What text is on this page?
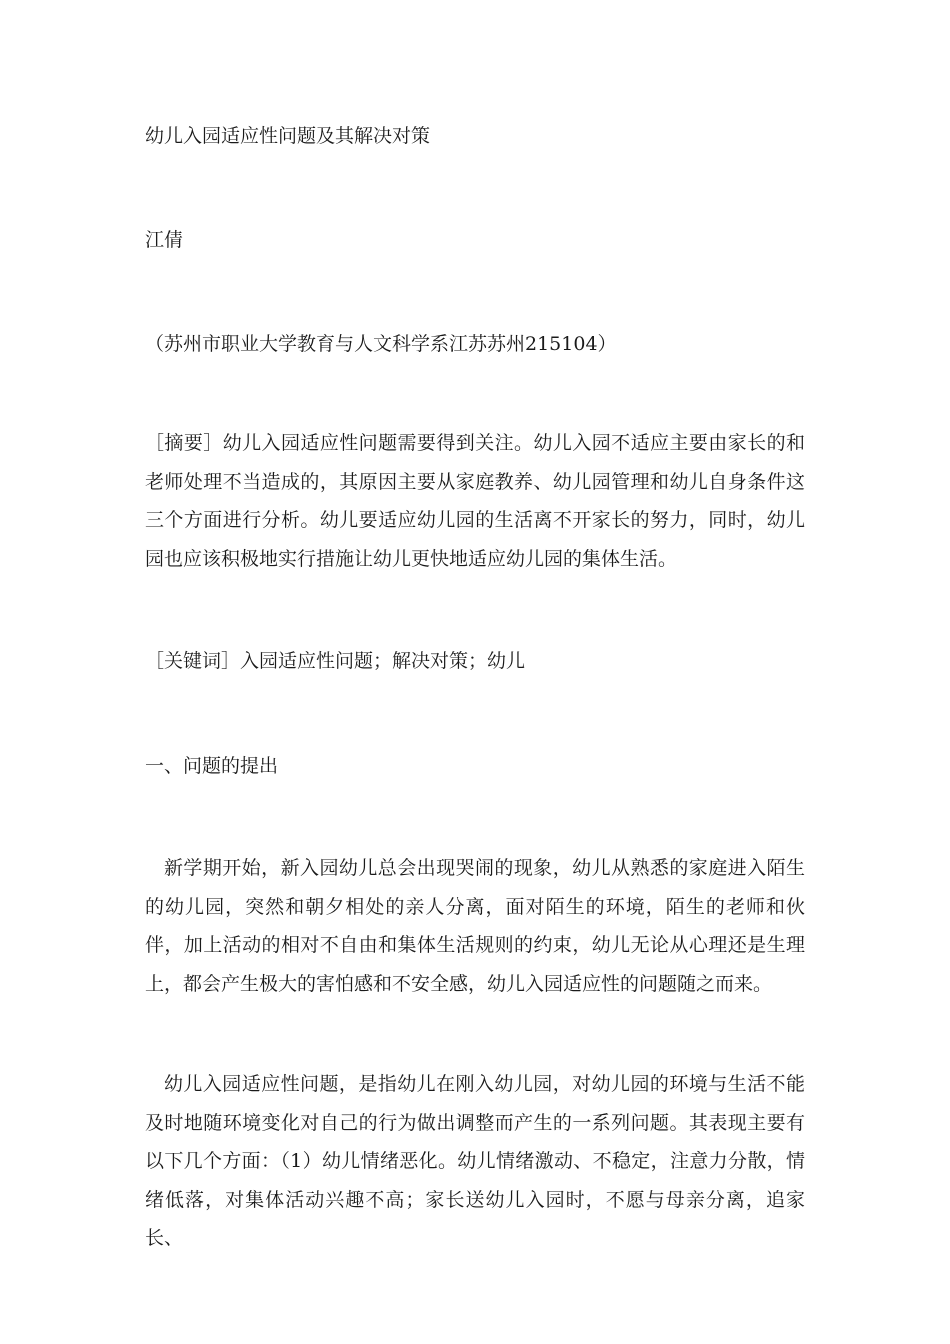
幼儿入园适应性问题及其解决对策
江倩
（苏州市职业大学教育与人文科学系江苏苏州215104）
［摘要］幼儿入园适应性问题需要得到关注。幼儿入园不适应主要由家长的和老师处理不当造成的，其原因主要从家庭教养、幼儿园管理和幼儿自身条件这三个方面进行分析。幼儿要适应幼儿园的生活离不开家长的努力，同时，幼儿园也应该积极地实行措施让幼儿更快地适应幼儿园的集体生活。
［关键词］入园适应性问题；解决对策；幼儿
一、问题的提出
新学期开始，新入园幼儿总会出现哭闹的现象，幼儿从熟悉的家庭进入陌生的幼儿园，突然和朝夕相处的亲人分离，面对陌生的环境，陌生的老师和伙伴，加上活动的相对不自由和集体生活规则的约束，幼儿无论从心理还是生理上，都会产生极大的害怕感和不安全感，幼儿入园适应性的问题随之而来。
幼儿入园适应性问题，是指幼儿在刚入幼儿园，对幼儿园的环境与生活不能及时地随环境变化对自己的行为做出调整而产生的一系列问题。其表现主要有以下几个方面：（1）幼儿情绪恶化。幼儿情绪激动、不稳定，注意力分散，情绪低落，对集体活动兴趣不高；家长送幼儿入园时，不愿与母亲分离，追家长、
